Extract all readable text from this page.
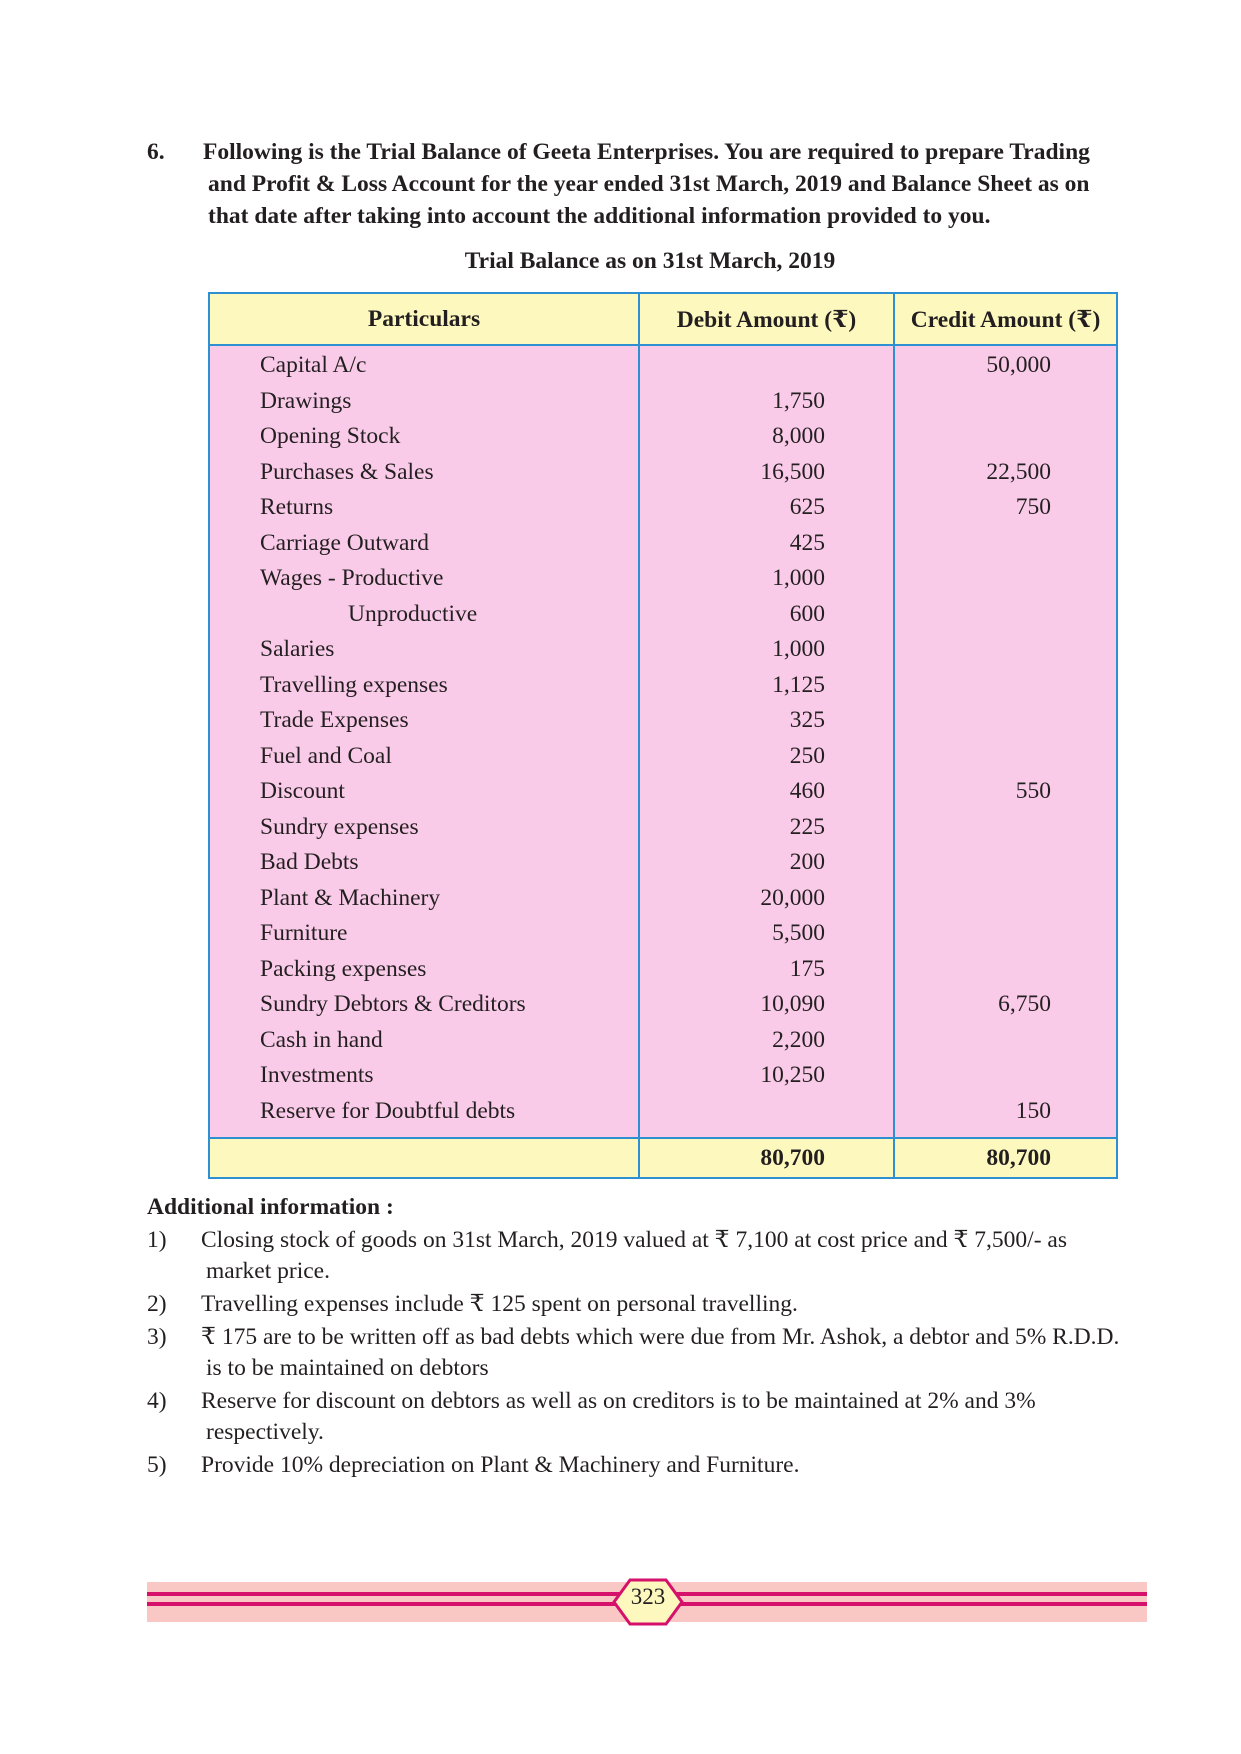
6. Following is the Trial Balance of Geeta Enterprises. You are required to prepare Trading
and Profit & Loss Account for the year ended 31st March, 2019 and Balance Sheet as on
that date after taking into account the additional information provided to you.
Trial Balance as on 31st March, 2019
Particulars	Debit Amount (₹)	Credit Amount (₹)
Capital A/c		50,000
Drawings	1,750	
Opening Stock	8,000	
Purchases & Sales	16,500	22,500
Returns	625	750
Carriage Outward	425	
Wages - Productive	1,000	
Unproductive	600	
Salaries	1,000	
Travelling expenses	1,125	
Trade Expenses	325	
Fuel and Coal	250	
Discount	460	550
Sundry expenses	225	
Bad Debts	200	
Plant & Machinery	20,000	
Furniture	5,500	
Packing expenses	175	
Sundry Debtors & Creditors	10,090	6,750
Cash in hand	2,200	
Investments	10,250	
Reserve for Doubtful debts		150
	80,700	80,700
Additional information :
1) Closing stock of goods on 31st March, 2019 valued at ₹ 7,100 at cost price and ₹ 7,500/- as
market price.
2) Travelling expenses include ₹ 125 spent on personal travelling.
3) ₹ 175 are to be written off as bad debts which were due from Mr. Ashok, a debtor and 5% R.D.D.
is to be maintained on debtors
4) Reserve for discount on debtors as well as on creditors is to be maintained at 2% and 3%
respectively.
5) Provide 10% depreciation on Plant & Machinery and Furniture.
323
